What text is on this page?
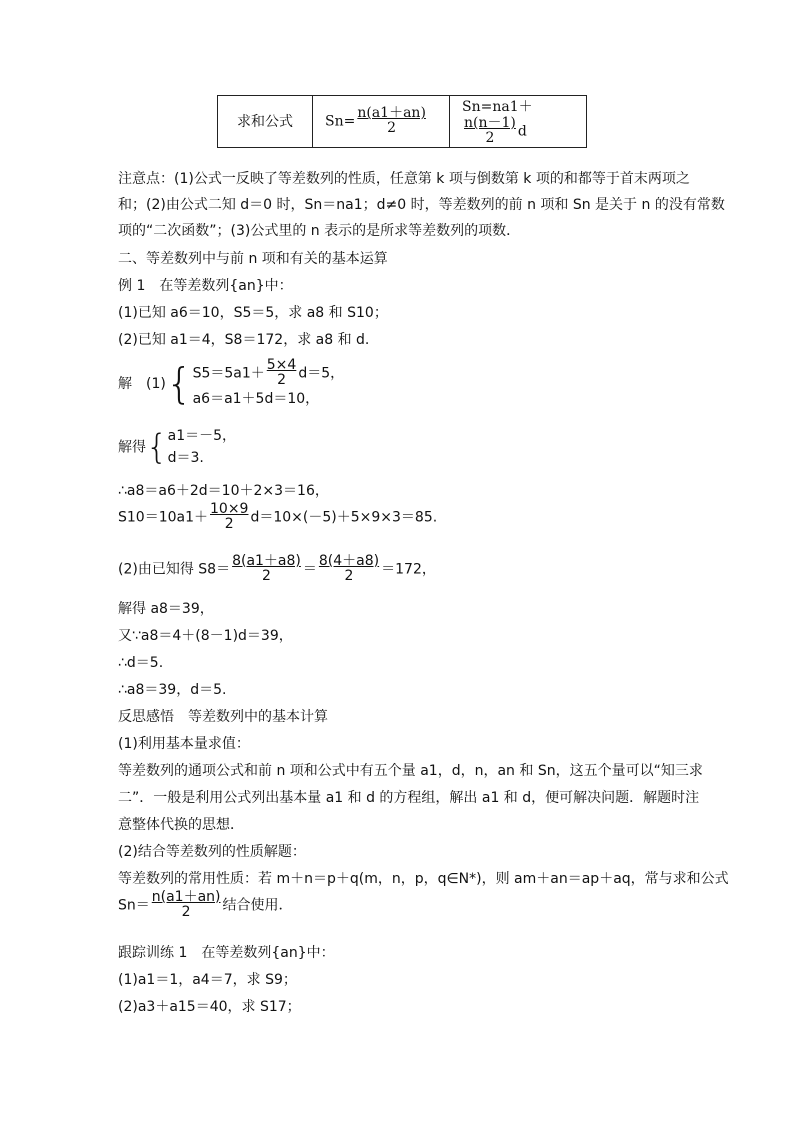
求和公式	$Sn= \frac{n(a1+an)}{2}$	Sn=na1＋
$\frac{n(n-1)}{2}$ d
注意点：(1)公式一反映了等差数列的性质，任意第 k 项与倒数第 k 项的和都等于首末两项之
和；(2)由公式二知 d＝0 时，Sn＝na1；d≠0 时，等差数列的前 n 项和 Sn 是关于 n 的没有常数
项的“二次函数”；(3)公式里的 n 表示的是所求等差数列的项数．
二、等差数列中与前 n 项和有关的基本运算
例 1　在等差数列{an}中：
(1)已知 a6＝10，S5＝5，求 a8 和 S10；
(2)已知 a1＝4，S8＝172，求 a8 和 d.
解　(1){ $S5=5a1+ \frac{5\times 4}{2} d=5$，
a6＝a1＋5d＝10，
解得{ a1＝－5，
d＝3.
∴a8＝a6＋2d＝10＋2×3＝16，
$S10=10a1+ \frac{10\times 9}{2} d=10\times(-5)+5\times 9\times 3=85$.
(2)由已知得 $S8= \frac{8(a1+a8)}{2} = \frac{8(4+a8)}{2} =172$，
解得 a8＝39，
又∵a8＝4＋(8－1)d＝39，
∴d＝5.
∴a8＝39，d＝5.
反思感悟　等差数列中的基本计算
(1)利用基本量求值：
等差数列的通项公式和前 n 项和公式中有五个量 a1，d，n，an 和 Sn，这五个量可以“知三求
二”．一般是利用公式列出基本量 a1 和 d 的方程组，解出 a1 和 d，便可解决问题．解题时注
意整体代换的思想．
(2)结合等差数列的性质解题：
等差数列的常用性质：若 m＋n＝p＋q(m，n，p，q∈N*)，则 am＋an＝ap＋aq，常与求和公式
$Sn= \frac{n(a1+an)}{2}$ 结合使用．
跟踪训练 1　在等差数列{an}中：
(1)a1＝1，a4＝7，求 S9；
(2)a3＋a15＝40，求 S17；
